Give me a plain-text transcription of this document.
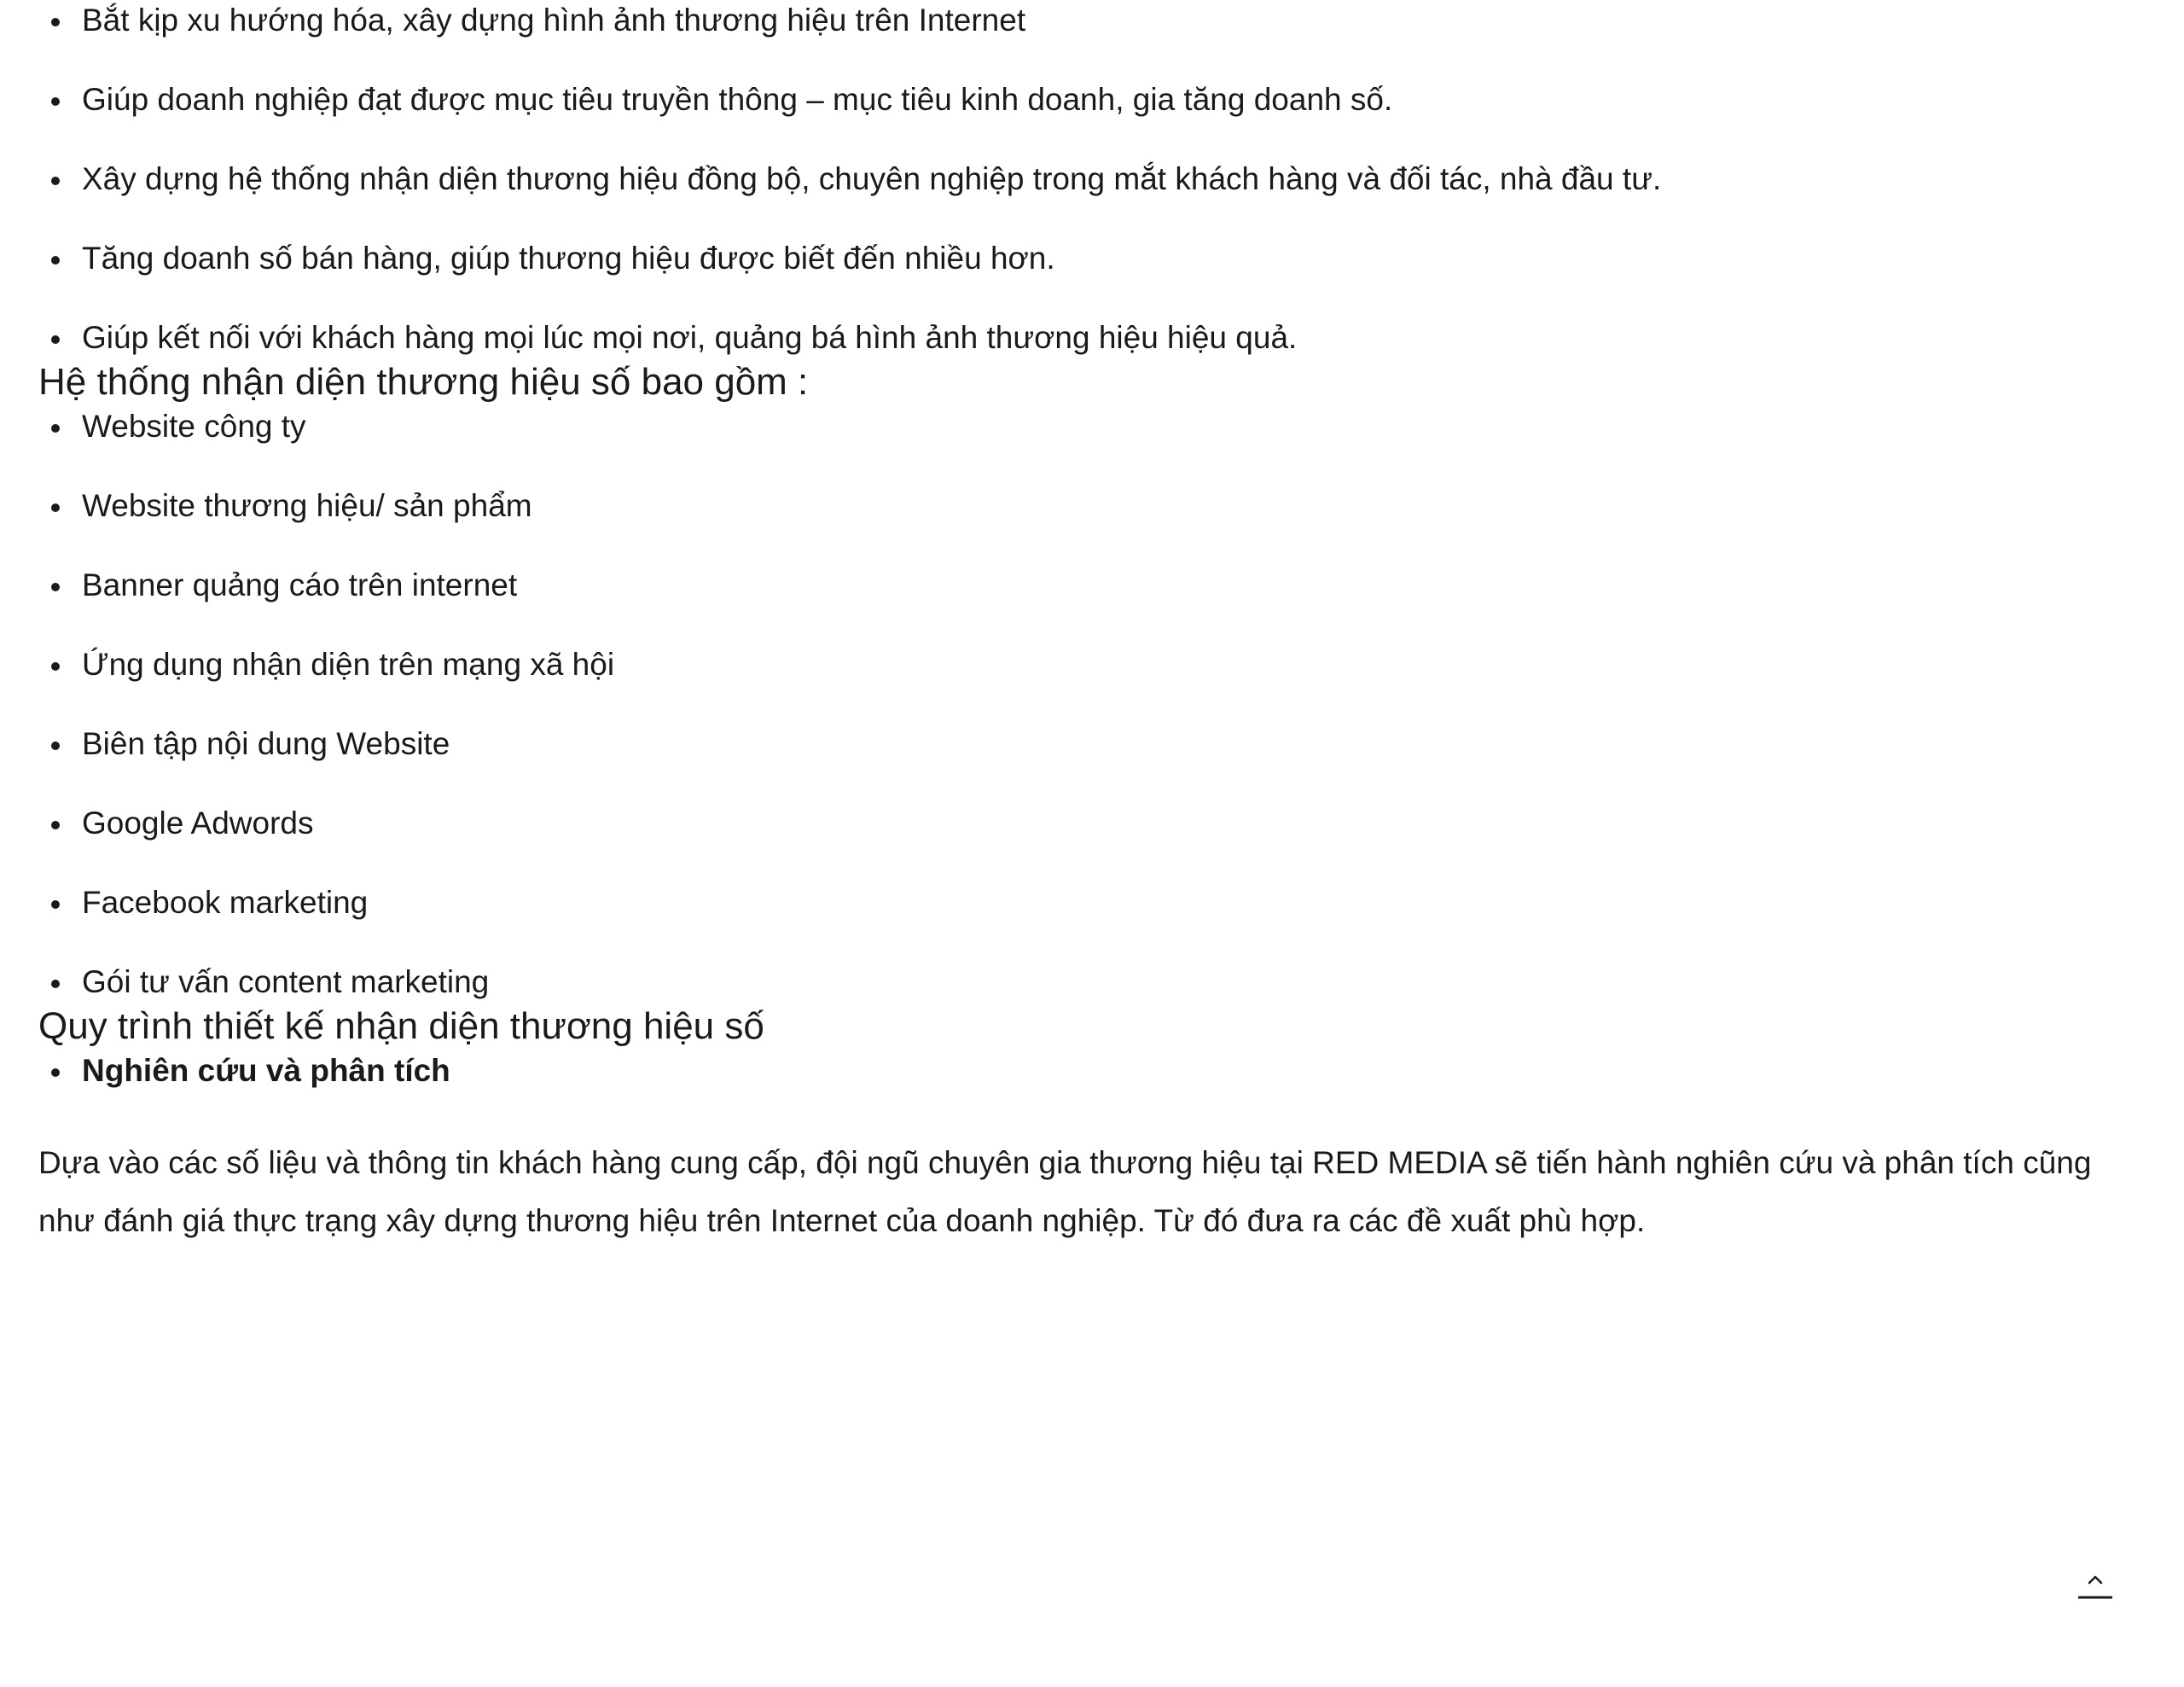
Bắt kịp xu hướng hóa, xây dựng hình ảnh thương hiệu trên Internet
Giúp doanh nghiệp đạt được mục tiêu truyền thông – mục tiêu kinh doanh, gia tăng doanh số.
Xây dựng hệ thống nhận diện thương hiệu đồng bộ, chuyên nghiệp trong mắt khách hàng và đối tác, nhà đầu tư.
Tăng doanh số bán hàng, giúp thương hiệu được biết đến nhiều hơn.
Giúp kết nối với khách hàng mọi lúc mọi nơi, quảng bá hình ảnh thương hiệu hiệu quả.
Hệ thống nhận diện thương hiệu số bao gồm :
Website công ty
Website thương hiệu/ sản phẩm
Banner quảng cáo trên internet
Ứng dụng nhận diện trên mạng xã hội
Biên tập nội dung Website
Google Adwords
Facebook marketing
Gói tư vấn content marketing
Quy trình thiết kế nhận diện thương hiệu số
Nghiên cứu và phân tích

Dựa vào các số liệu và thông tin khách hàng cung cấp, đội ngũ chuyên gia thương hiệu tại RED MEDIA sẽ tiến hành nghiên cứu và phân tích cũng như đánh giá thực trạng xây dựng thương hiệu trên Internet của doanh nghiệp. Từ đó đưa ra các đề xuất phù hợp.
